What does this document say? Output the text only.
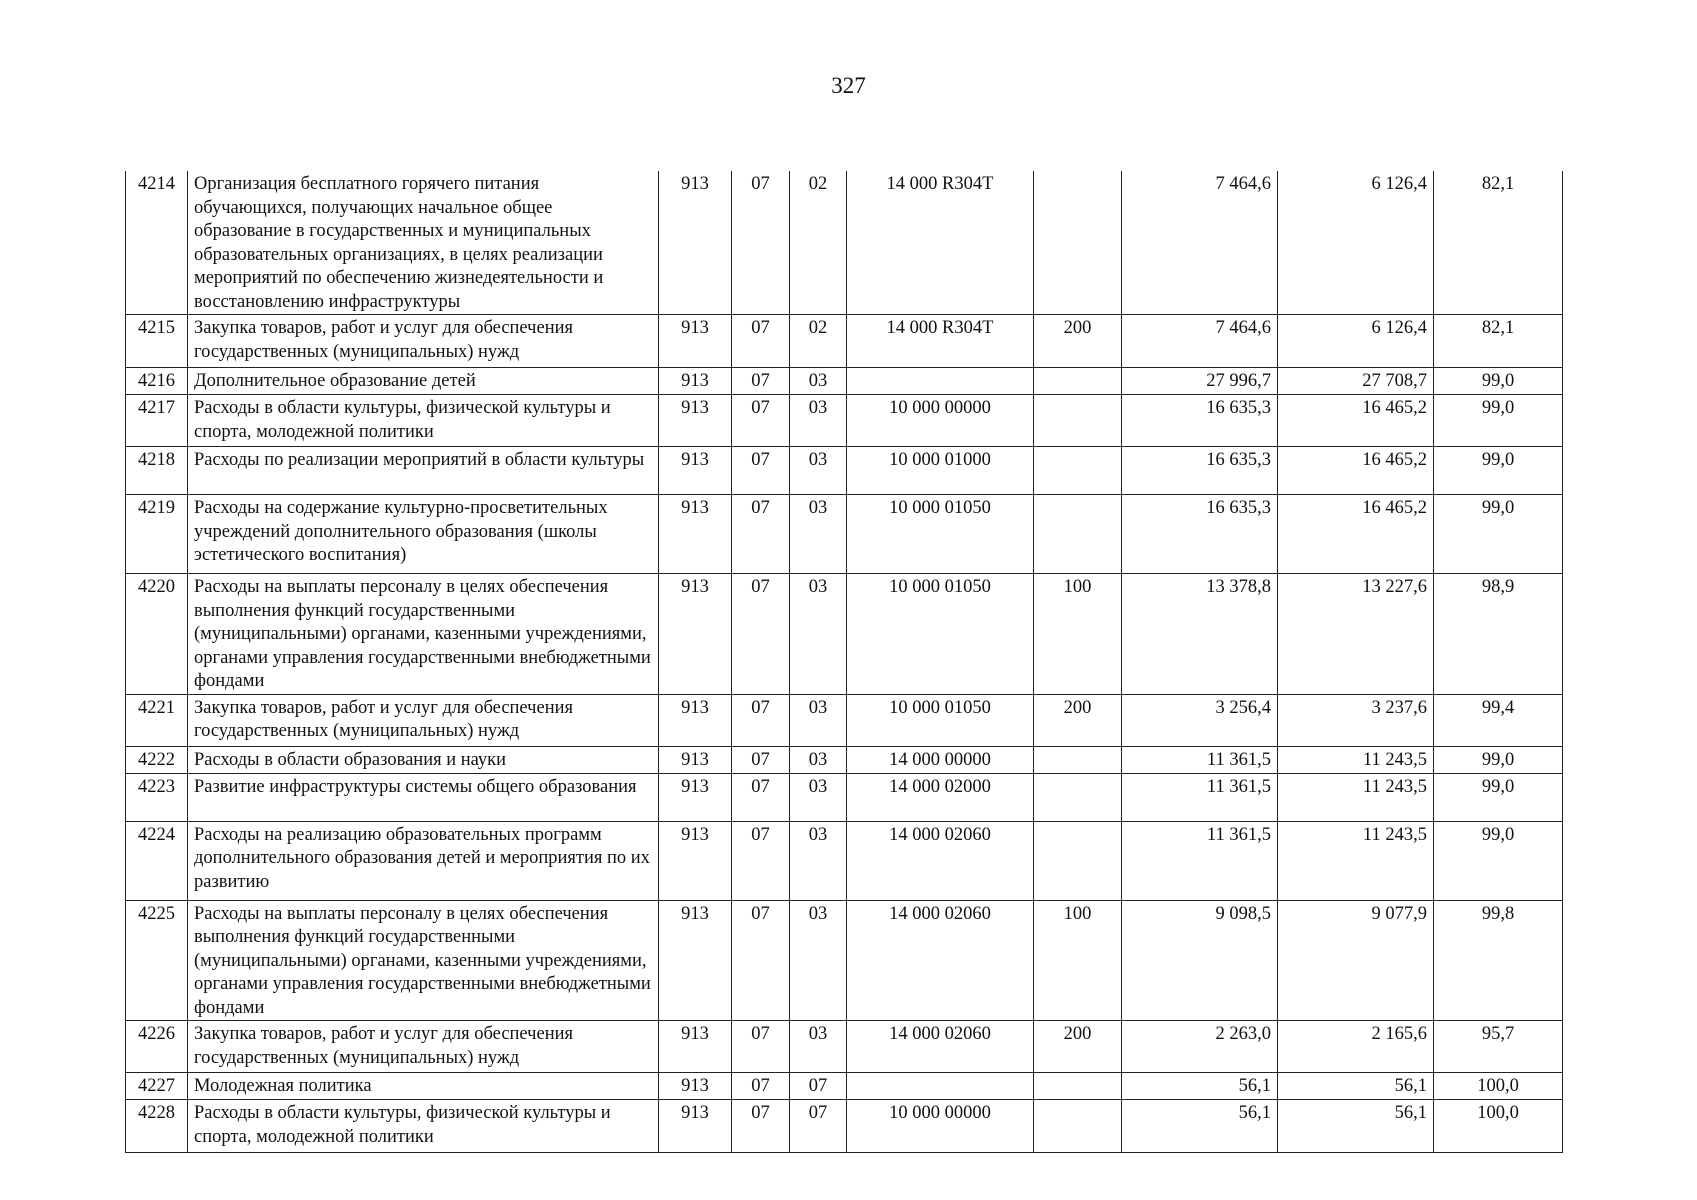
327
4214	Организация бесплатного горячего питания обучающихся, получающих начальное общее образование в государственных и муниципальных образовательных организациях, в целях реализации мероприятий по обеспечению жизнедеятельности и восстановлению инфраструктуры	913	07	02	14 000 R304T		7 464,6	6 126,4	82,1
4215	Закупка товаров, работ и услуг для обеспечения государственных (муниципальных) нужд	913	07	02	14 000 R304T	200	7 464,6	6 126,4	82,1
4216	Дополнительное образование детей	913	07	03			27 996,7	27 708,7	99,0
4217	Расходы в области культуры, физической культуры и спорта, молодежной политики	913	07	03	10 000 00000		16 635,3	16 465,2	99,0
4218	Расходы по реализации мероприятий в области культуры	913	07	03	10 000 01000		16 635,3	16 465,2	99,0
4219	Расходы на содержание культурно-просветительных учреждений дополнительного образования (школы эстетического воспитания)	913	07	03	10 000 01050		16 635,3	16 465,2	99,0
4220	Расходы на выплаты персоналу в целях обеспечения выполнения функций государственными (муниципальными) органами, казенными учреждениями, органами управления государственными внебюджетными фондами	913	07	03	10 000 01050	100	13 378,8	13 227,6	98,9
4221	Закупка товаров, работ и услуг для обеспечения государственных (муниципальных) нужд	913	07	03	10 000 01050	200	3 256,4	3 237,6	99,4
4222	Расходы в области образования и науки	913	07	03	14 000 00000		11 361,5	11 243,5	99,0
4223	Развитие инфраструктуры системы общего образования	913	07	03	14 000 02000		11 361,5	11 243,5	99,0
4224	Расходы на реализацию образовательных программ дополнительного образования детей и мероприятия по их развитию	913	07	03	14 000 02060		11 361,5	11 243,5	99,0
4225	Расходы на выплаты персоналу в целях обеспечения выполнения функций государственными (муниципальными) органами, казенными учреждениями, органами управления государственными внебюджетными фондами	913	07	03	14 000 02060	100	9 098,5	9 077,9	99,8
4226	Закупка товаров, работ и услуг для обеспечения государственных (муниципальных) нужд	913	07	03	14 000 02060	200	2 263,0	2 165,6	95,7
4227	Молодежная политика	913	07	07			56,1	56,1	100,0
4228	Расходы в области культуры, физической культуры и спорта, молодежной политики	913	07	07	10 000 00000		56,1	56,1	100,0
